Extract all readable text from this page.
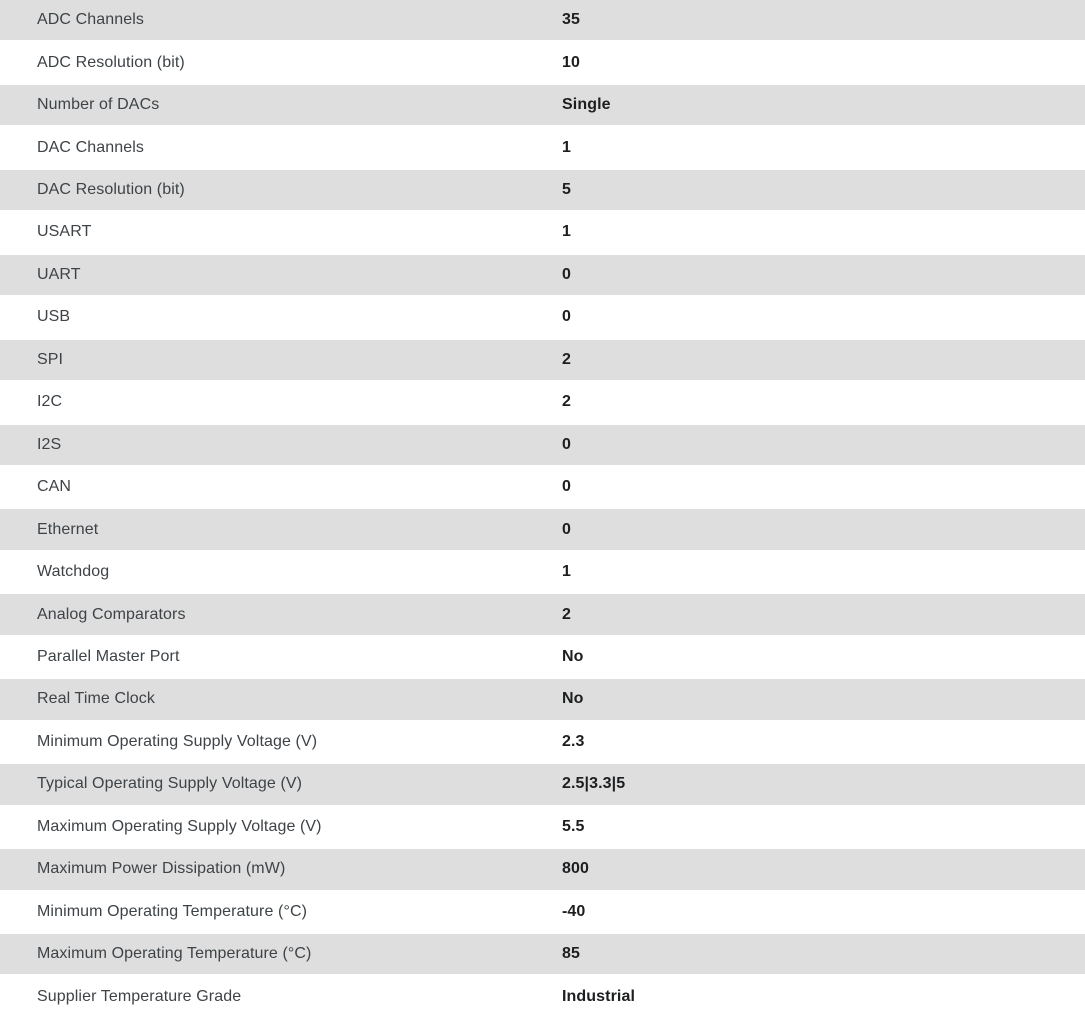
ADC Channels	35
ADC Resolution (bit)	10
Number of DACs	Single
DAC Channels	1
DAC Resolution (bit)	5
USART	1
UART	0
USB	0
SPI	2
I2C	2
I2S	0
CAN	0
Ethernet	0
Watchdog	1
Analog Comparators	2
Parallel Master Port	No
Real Time Clock	No
Minimum Operating Supply Voltage (V)	2.3
Typical Operating Supply Voltage (V)	2.5|3.3|5
Maximum Operating Supply Voltage (V)	5.5
Maximum Power Dissipation (mW)	800
Minimum Operating Temperature (°C)	-40
Maximum Operating Temperature (°C)	85
Supplier Temperature Grade	Industrial
